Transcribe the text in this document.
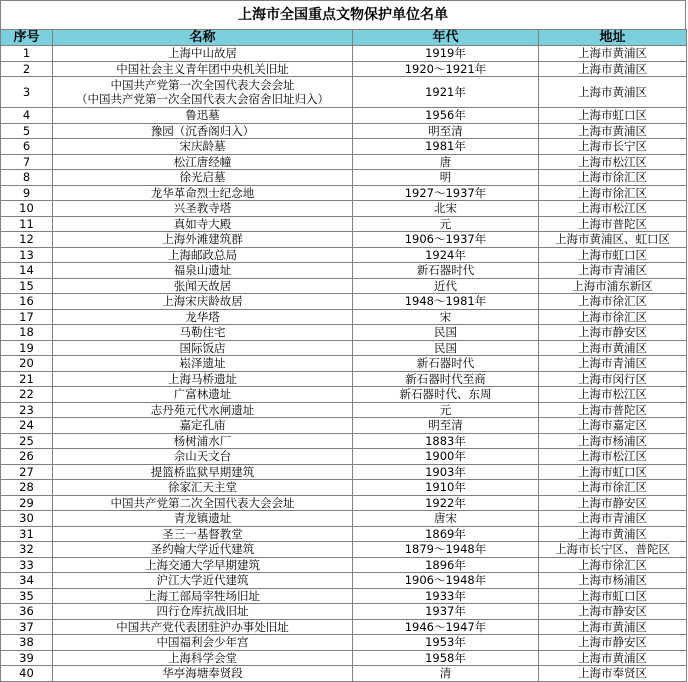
上海市全国重点文物保护单位名单
序号	名称	年代	地址
1	上海中山故居	1919年	上海市黄浦区
2	中国社会主义青年团中央机关旧址	1920～1921年	上海市黄浦区
3	中国共产党第一次全国代表大会会址
（中国共产党第一次全国代表大会宿舍旧址归入）	1921年	上海市黄浦区
4	鲁迅墓	1956年	上海市虹口区
5	豫园（沉香阁归入）	明至清	上海市黄浦区
6	宋庆龄墓	1981年	上海市长宁区
7	松江唐经幢	唐	上海市松江区
8	徐光启墓	明	上海市徐汇区
9	龙华革命烈士纪念地	1927～1937年	上海市徐汇区
10	兴圣教寺塔	北宋	上海市松江区
11	真如寺大殿	元	上海市普陀区
12	上海外滩建筑群	1906～1937年	上海市黄浦区、虹口区
13	上海邮政总局	1924年	上海市虹口区
14	福泉山遗址	新石器时代	上海市青浦区
15	张闻天故居	近代	上海市浦东新区
16	上海宋庆龄故居	1948～1981年	上海市徐汇区
17	龙华塔	宋	上海市徐汇区
18	马勒住宅	民国	上海市静安区
19	国际饭店	民国	上海市黄浦区
20	崧泽遗址	新石器时代	上海市青浦区
21	上海马桥遗址	新石器时代至商	上海市闵行区
22	广富林遗址	新石器时代、东周	上海市松江区
23	志丹苑元代水闸遗址	元	上海市普陀区
24	嘉定孔庙	明至清	上海市嘉定区
25	杨树浦水厂	1883年	上海市杨浦区
26	佘山天文台	1900年	上海市松江区
27	提篮桥监狱早期建筑	1903年	上海市虹口区
28	徐家汇天主堂	1910年	上海市徐汇区
29	中国共产党第二次全国代表大会会址	1922年	上海市静安区
30	青龙镇遗址	唐宋	上海市青浦区
31	圣三一基督教堂	1869年	上海市黄浦区
32	圣约翰大学近代建筑	1879～1948年	上海市长宁区、普陀区
33	上海交通大学早期建筑	1896年	上海市徐汇区
34	沪江大学近代建筑	1906～1948年	上海市杨浦区
35	上海工部局宰牲场旧址	1933年	上海市虹口区
36	四行仓库抗战旧址	1937年	上海市静安区
37	中国共产党代表团驻沪办事处旧址	1946～1947年	上海市黄浦区
38	中国福利会少年宫	1953年	上海市静安区
39	上海科学会堂	1958年	上海市黄浦区
40	华亭海塘奉贤段	清	上海市奉贤区
